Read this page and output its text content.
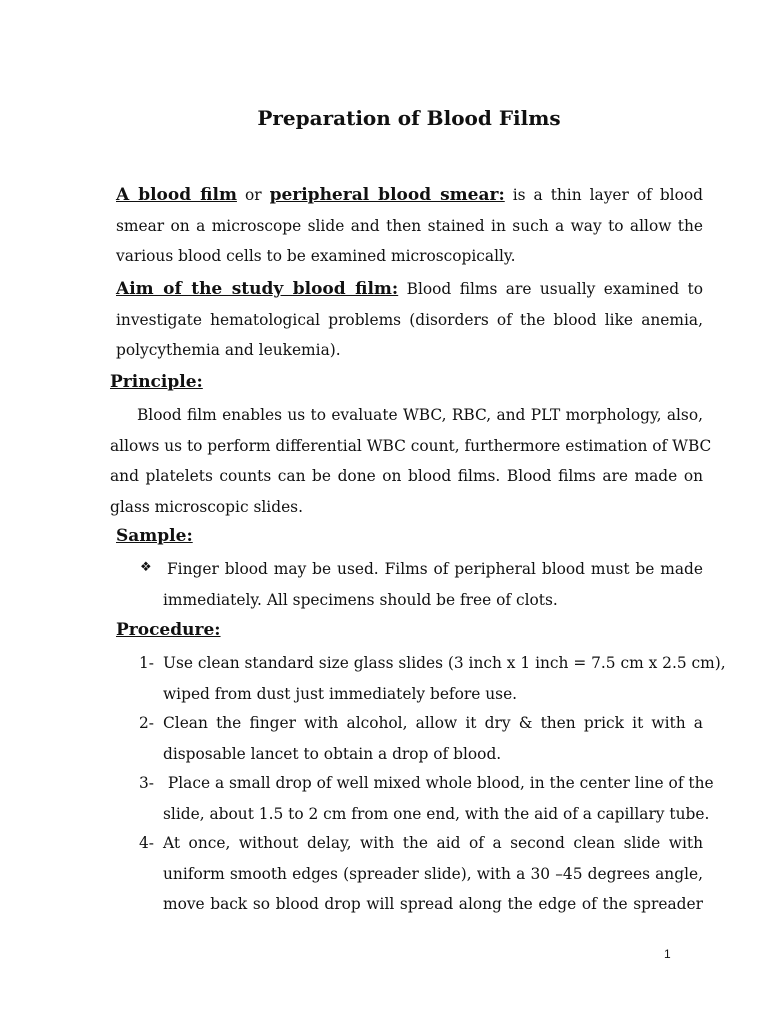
Preparation of Blood Films
A blood film or peripheral blood smear: is a thin layer of blood
smear on a microscope slide and then stained in such a way to allow the
various blood cells to be examined microscopically.
Aim of the study blood film: Blood films are usually examined to
investigate hematological problems (disorders of the blood like anemia,
polycythemia and leukemia).
Principle:
Blood film enables us to evaluate WBC, RBC, and PLT morphology, also,
allows us to perform differential WBC count, furthermore estimation of WBC
and platelets counts can be done on blood films. Blood films are made on
glass microscopic slides.
Sample:
❖ Finger blood may be used. Films of peripheral blood must be made
immediately. All specimens should be free of clots.
Procedure:
1- Use clean standard size glass slides (3 inch x 1 inch = 7.5 cm x 2.5 cm),
wiped from dust just immediately before use.
2- Clean the finger with alcohol, allow it dry & then prick it with a
disposable lancet to obtain a drop of blood.
3- Place a small drop of well mixed whole blood, in the center line of the
slide, about 1.5 to 2 cm from one end, with the aid of a capillary tube.
4- At once, without delay, with the aid of a second clean slide with
uniform smooth edges (spreader slide), with a 30 –45 degrees angle,
move back so blood drop will spread along the edge of the spreader
1
